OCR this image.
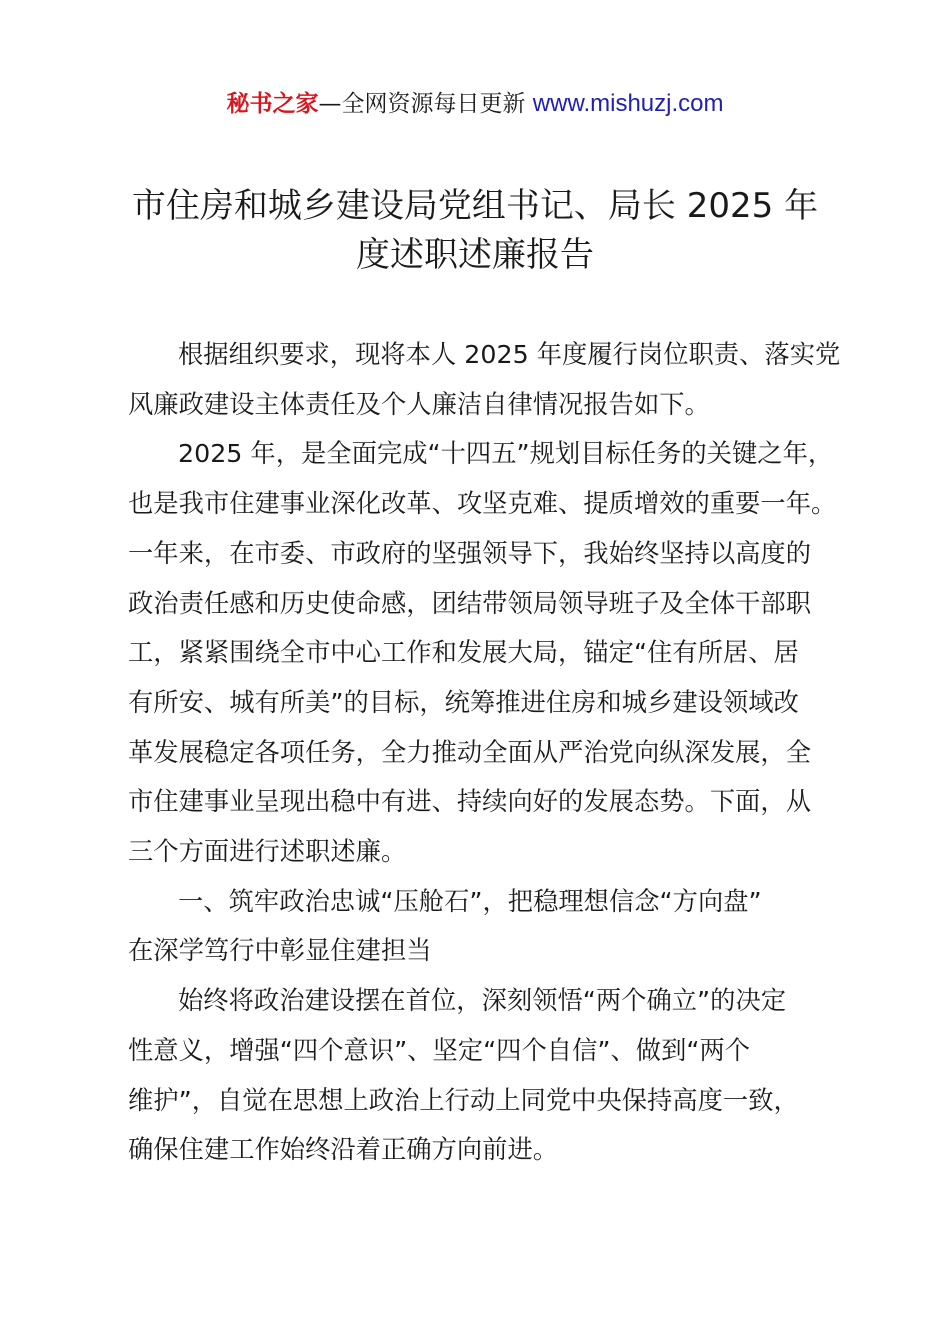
秘书之家—全网资源每日更新 www.mishuzj.com
市住房和城乡建设局党组书记、局长 2025 年
度述职述廉报告
根据组织要求，现将本人 2025 年度履行岗位职责、落实党
风廉政建设主体责任及个人廉洁自律情况报告如下。
2025 年，是全面完成“十四五”规划目标任务的关键之年，
也是我市住建事业深化改革、攻坚克难、提质增效的重要一年。
一年来，在市委、市政府的坚强领导下，我始终坚持以高度的
政治责任感和历史使命感，团结带领局领导班子及全体干部职
工，紧紧围绕全市中心工作和发展大局，锚定“住有所居、居
有所安、城有所美”的目标，统筹推进住房和城乡建设领域改
革发展稳定各项任务，全力推动全面从严治党向纵深发展，全
市住建事业呈现出稳中有进、持续向好的发展态势。下面，从
三个方面进行述职述廉。
一、筑牢政治忠诚“压舱石”，把稳理想信念“方向盘”
在深学笃行中彰显住建担当
始终将政治建设摆在首位，深刻领悟“两个确立”的决定
性意义，增强“四个意识”、坚定“四个自信”、做到“两个
维护”，自觉在思想上政治上行动上同党中央保持高度一致，
确保住建工作始终沿着正确方向前进。
